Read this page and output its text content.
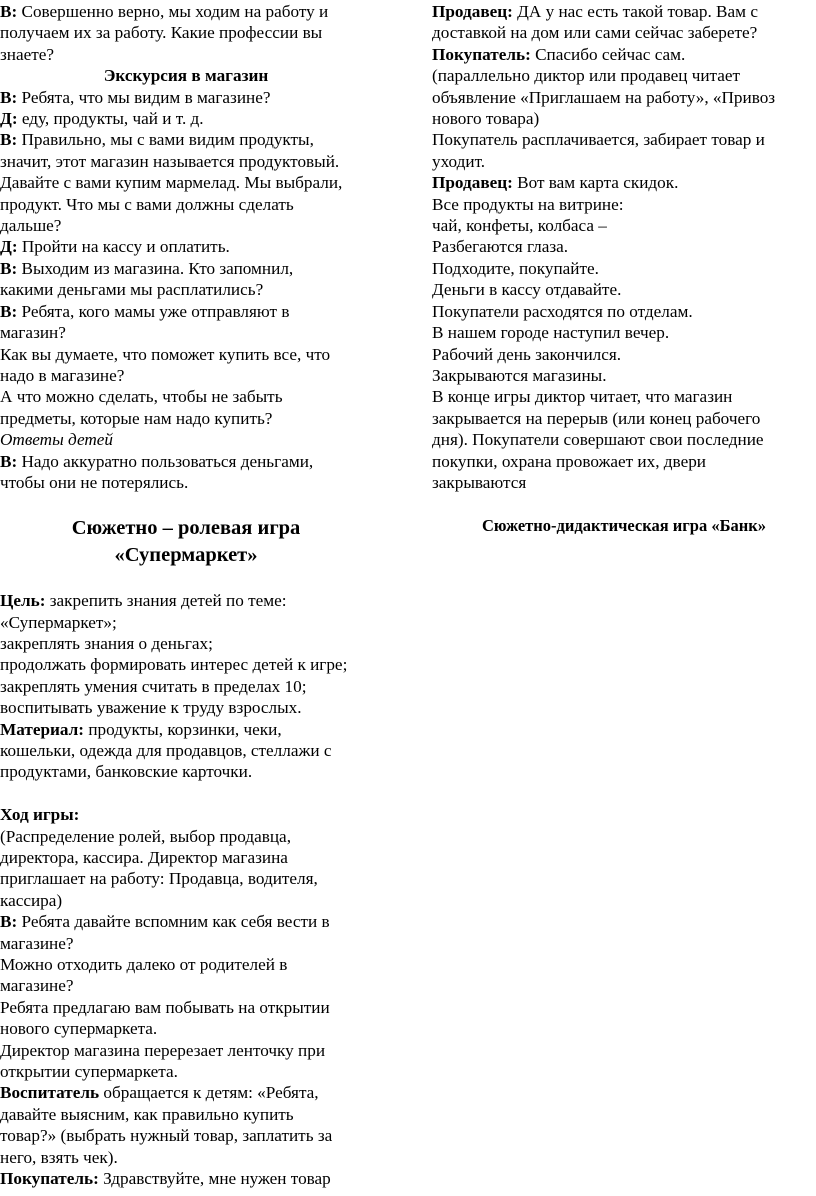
В: Совершенно верно, мы ходим на работу и
получаем их за работу. Какие профессии вы
знаете?
Экскурсия в магазин
В: Ребята, что мы видим в магазине?
Д: еду, продукты, чай и т. д.
В: Правильно, мы с вами видим продукты,
значит, этот магазин называется продуктовый.
Давайте с вами купим мармелад. Мы выбрали,
продукт. Что мы с вами должны сделать
дальше?
Д: Пройти на кассу и оплатить.
В: Выходим из магазина. Кто запомнил,
какими деньгами мы расплатились?
В: Ребята, кого мамы уже отправляют в
магазин?
Как вы думаете, что поможет купить все, что
надо в магазине?
А что можно сделать, чтобы не забыть
предметы, которые нам надо купить?
Ответы детей
В: Надо аккуратно пользоваться деньгами,
чтобы они не потерялись.
Сюжетно – ролевая игра
«Супермаркет»
Цель: закрепить знания детей по теме:
«Супермаркет»;
закреплять знания о деньгах;
продолжать формировать интерес детей к игре;
закреплять умения считать в пределах 10;
воспитывать уважение к труду взрослых.
Материал: продукты, корзинки, чеки,
кошельки, одежда для продавцов, стеллажи с
продуктами, банковские карточки.
Ход игры:
(Распределение ролей, выбор продавца,
директора, кассира. Директор магазина
приглашает на работу: Продавца, водителя,
кассира)
В: Ребята давайте вспомним как себя вести в
магазине?
Можно отходить далеко от родителей в
магазине?
Ребята предлагаю вам побывать на открытии
нового супермаркета.
Директор магазина перерезает ленточку при
открытии супермаркета.
Воспитатель обращается к детям: «Ребята,
давайте выясним, как правильно купить
товар?» (выбрать нужный товар, заплатить за
него, взять чек).
Покупатель: Здравствуйте, мне нужен товар
Продавец: ДА у нас есть такой товар. Вам с
доставкой на дом или сами сейчас заберете?
Покупатель: Спасибо сейчас сам.
(параллельно диктор или продавец читает
объявление «Приглашаем на работу», «Привоз
нового товара)
Покупатель расплачивается, забирает товар и
уходит.
Продавец: Вот вам карта скидок.
Все продукты на витрине:
чай, конфеты, колбаса –
Разбегаются глаза.
Подходите, покупайте.
Деньги в кассу отдавайте.
Покупатели расходятся по отделам.
В нашем городе наступил вечер.
Рабочий день закончился.
Закрываются магазины.
В конце игры диктор читает, что магазин
закрывается на перерыв (или конец рабочего
дня). Покупатели совершают свои последние
покупки, охрана провожает их, двери
закрываются
Сюжетно-дидактическая игра «Банк»
